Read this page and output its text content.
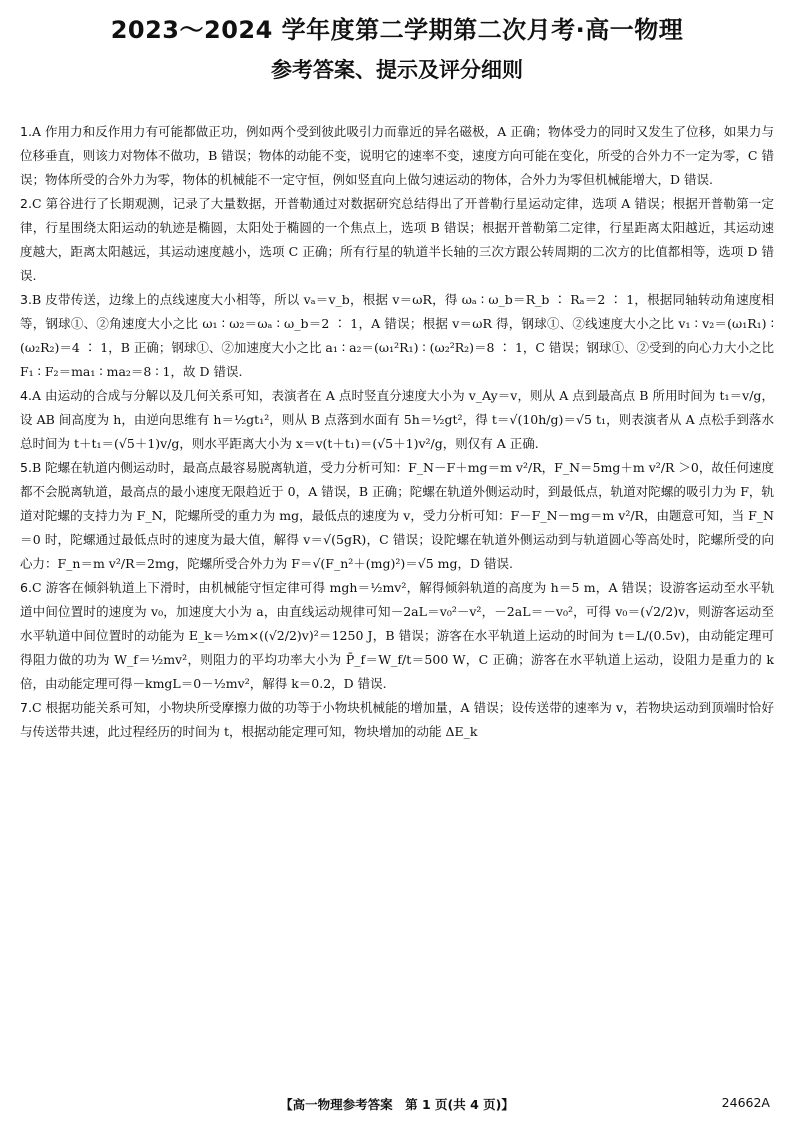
2023～2024 学年度第二学期第二次月考·高一物理
参考答案、提示及评分细则

1.A 作用力和反作用力有可能都做正功，例如两个受到彼此吸引力而靠近的异名磁极，A 正确；物体受力的同时又发生了位移，如果力与位移垂直，则该力对物体不做功，B 错误；物体的动能不变，说明它的速率不变，速度方向可能在变化，所受的合外力不一定为零，C 错误；物体所受的合外力为零，物体的机械能不一定守恒，例如竖直向上做匀速运动的物体，合外力为零但机械能增大，D 错误.

2.C 第谷进行了长期观测，记录了大量数据，开普勒通过对数据研究总结得出了开普勒行星运动定律，选项 A 错误；根据开普勒第一定律，行星围绕太阳运动的轨迹是椭圆，太阳处于椭圆的一个焦点上，选项 B 错误；根据开普勒第二定律，行星距离太阳越近，其运动速度越大，距离太阳越远，其运动速度越小，选项 C 正确；所有行星的轨道半长轴的三次方跟公转周期的二次方的比值都相等，选项 D 错误.

3.B 皮带传送，边缘上的点线速度大小相等，所以 vₐ＝v_b，根据 v＝ωR，得 ωₐ ∶ ω_b＝R_b ∶ Rₐ＝2 ∶ 1，根据同轴转动角速度相等，钢球①、②角速度大小之比 ω₁ ∶ ω₂＝ωₐ ∶ ω_b＝2 ∶ 1，A 错误；根据 v＝ωR 得，钢球①、②线速度大小之比 v₁ ∶ v₂＝(ω₁R₁) ∶ (ω₂R₂)＝4 ∶ 1，B 正确；钢球①、②加速度大小之比 a₁ ∶ a₂＝(ω₁²R₁) ∶ (ω₂²R₂)＝8 ∶ 1，C 错误；钢球①、②受到的向心力大小之比 F₁ ∶ F₂＝ma₁ ∶ ma₂＝8 ∶ 1，故 D 错误.

4.A 由运动的合成与分解以及几何关系可知，表演者在 A 点时竖直分速度大小为 v_Ay＝v，则从 A 点到最高点 B 所用时间为 t₁＝v/g，设 AB 间高度为 h，由逆向思维有 h＝½gt₁²，则从 B 点落到水面有 5h＝½gt²，得 t＝√(10h/g)＝√5 t₁，则表演者从 A 点松手到落水总时间为 t＋t₁＝(√5＋1)v/g，则水平距离大小为 x＝v(t＋t₁)＝(√5＋1)v²/g，则仅有 A 正确.

5.B 陀螺在轨道内侧运动时，最高点最容易脱离轨道，受力分析可知：F_N－F＋mg＝m v²/R，F_N＝5mg＋m v²/R ＞0，故任何速度都不会脱离轨道，最高点的最小速度无限趋近于 0，A 错误，B 正确；陀螺在轨道外侧运动时，到最低点，轨道对陀螺的吸引力为 F，轨道对陀螺的支持力为 F_N，陀螺所受的重力为 mg，最低点的速度为 v，受力分析可知：F－F_N－mg＝m v²/R，由题意可知，当 F_N＝0 时，陀螺通过最低点时的速度为最大值，解得 v＝√(5gR)，C 错误；设陀螺在轨道外侧运动到与轨道圆心等高处时，陀螺所受的向心力：F_n＝m v²/R＝2mg，陀螺所受合外力为 F＝√(F_n²＋(mg)²)＝√5 mg，D 错误.

6.C 游客在倾斜轨道上下滑时，由机械能守恒定律可得 mgh＝½mv²，解得倾斜轨道的高度为 h＝5 m，A 错误；设游客运动至水平轨道中间位置时的速度为 v₀，加速度大小为 a，由直线运动规律可知－2aL＝v₀²－v²，－2aL＝－v₀²，可得 v₀＝(√2/2)v，则游客运动至水平轨道中间位置时的动能为 E_k＝½m×((√2/2)v)²＝1250 J，B 错误；游客在水平轨道上运动的时间为 t＝L/(0.5v)，由动能定理可得阻力做的功为 W_f＝½mv²，则阻力的平均功率大小为 P̄_f＝W_f/t＝500 W，C 正确；游客在水平轨道上运动，设阻力是重力的 k 倍，由动能定理可得－kmgL＝0－½mv²，解得 k＝0.2，D 错误.

7.C 根据功能关系可知，小物块所受摩擦力做的功等于小物块机械能的增加量，A 错误；设传送带的速率为 v，若物块运动到顶端时恰好与传送带共速，此过程经历的时间为 t，根据动能定理可知，物块增加的动能 ΔE_k

【高一物理参考答案　第 1 页(共 4 页)】	24662A
